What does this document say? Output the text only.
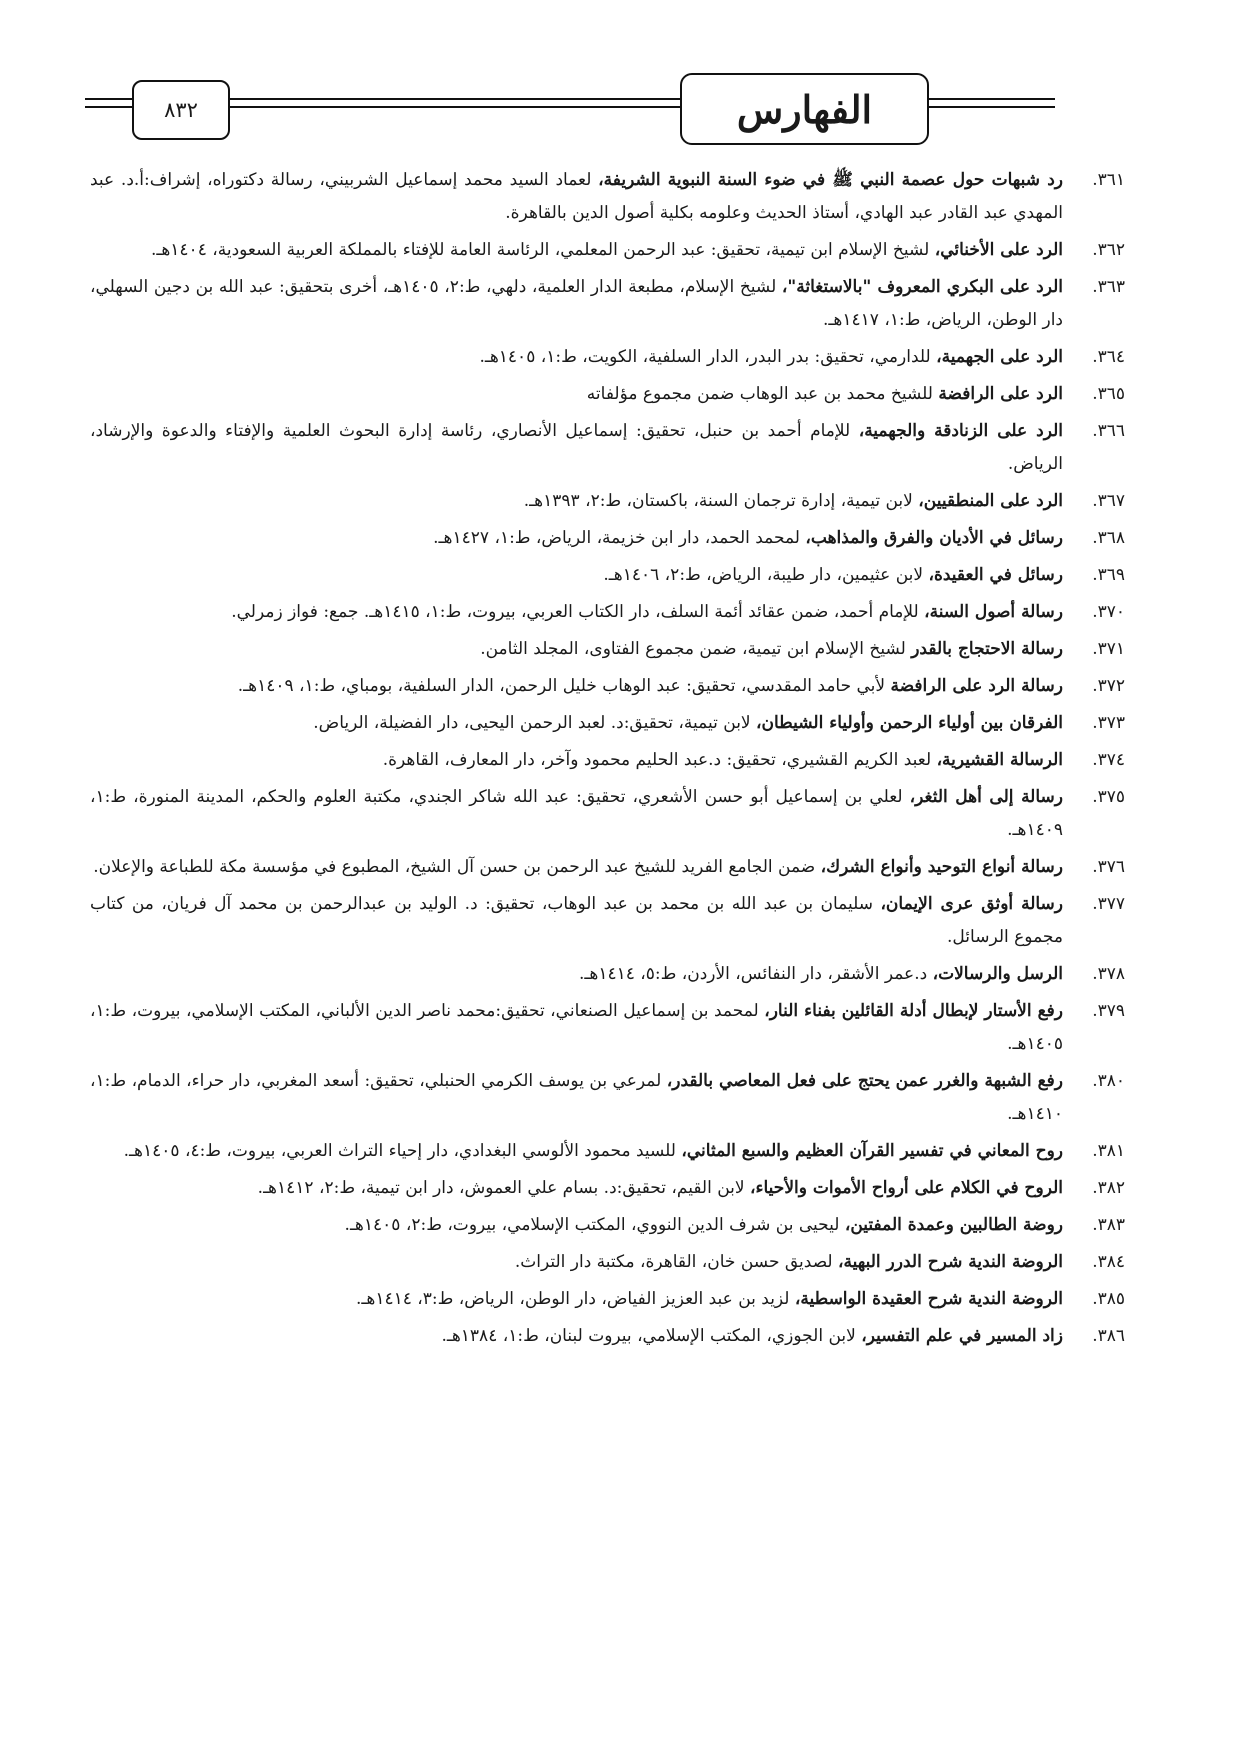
الفهارس
٨٣٢
٣٦١.
رد شبهات حول عصمة النبي ﷺ في ضوء السنة النبوية الشريفة، لعماد السيد محمد إسماعيل الشربيني، رسالة دكتوراه، إشراف:أ.د. عبد المهدي عبد القادر عبد الهادي، أستاذ الحديث وعلومه بكلية أصول الدين بالقاهرة.
٣٦٢.
الرد على الأخنائي، لشيخ الإسلام ابن تيمية، تحقيق: عبد الرحمن المعلمي، الرئاسة العامة للإفتاء بالمملكة العربية السعودية، ١٤٠٤هـ.
٣٦٣.
الرد على البكري المعروف "بالاستغاثة"، لشيخ الإسلام، مطبعة الدار العلمية، دلهي، ط:٢، ١٤٠٥هـ، أخرى بتحقيق: عبد الله بن دجين السهلي، دار الوطن، الرياض، ط:١، ١٤١٧هـ.
٣٦٤.
الرد على الجهمية، للدارمي، تحقيق: بدر البدر، الدار السلفية، الكويت، ط:١، ١٤٠٥هـ.
٣٦٥.
الرد على الرافضة للشيخ محمد بن عبد الوهاب ضمن مجموع مؤلفاته
٣٦٦.
الرد على الزنادقة والجهمية، للإمام أحمد بن حنبل، تحقيق: إسماعيل الأنصاري، رئاسة إدارة البحوث العلمية والإفتاء والدعوة والإرشاد، الرياض.
٣٦٧.
الرد على المنطقيين، لابن تيمية، إدارة ترجمان السنة، باكستان، ط:٢، ١٣٩٣هـ.
٣٦٨.
رسائل في الأديان والفرق والمذاهب، لمحمد الحمد، دار ابن خزيمة، الرياض، ط:١، ١٤٢٧هـ.
٣٦٩.
رسائل في العقيدة، لابن عثيمين، دار طيبة، الرياض، ط:٢، ١٤٠٦هـ.
٣٧٠.
رسالة أصول السنة، للإمام أحمد، ضمن عقائد أئمة السلف، دار الكتاب العربي، بيروت، ط:١، ١٤١٥هـ. جمع: فواز زمرلي.
٣٧١.
رسالة الاحتجاج بالقدر لشيخ الإسلام ابن تيمية، ضمن مجموع الفتاوى، المجلد الثامن.
٣٧٢.
رسالة الرد على الرافضة لأبي حامد المقدسي، تحقيق: عبد الوهاب خليل الرحمن، الدار السلفية، بومباي، ط:١، ١٤٠٩هـ.
٣٧٣.
الفرقان بين أولياء الرحمن وأولياء الشيطان، لابن تيمية، تحقيق:د. لعبد الرحمن اليحيى، دار الفضيلة، الرياض.
٣٧٤.
الرسالة القشيرية، لعبد الكريم القشيري، تحقيق: د.عبد الحليم محمود وآخر، دار المعارف، القاهرة.
٣٧٥.
رسالة إلى أهل الثغر، لعلي بن إسماعيل أبو حسن الأشعري، تحقيق: عبد الله شاكر الجندي، مكتبة العلوم والحكم، المدينة المنورة، ط:١، ١٤٠٩هـ.
٣٧٦.
رسالة أنواع التوحيد وأنواع الشرك، ضمن الجامع الفريد للشيخ عبد الرحمن بن حسن آل الشيخ، المطبوع في مؤسسة مكة للطباعة والإعلان.
٣٧٧.
رسالة أوثق عرى الإيمان، سليمان بن عبد الله بن محمد بن عبد الوهاب، تحقيق: د. الوليد بن عبدالرحمن بن محمد آل فريان، من كتاب مجموع الرسائل.
٣٧٨.
الرسل والرسالات، د.عمر الأشقر، دار النفائس، الأردن، ط:٥، ١٤١٤هـ.
٣٧٩.
رفع الأستار لإبطال أدلة القائلين بفناء النار، لمحمد بن إسماعيل الصنعاني، تحقيق:محمد ناصر الدين الألباني، المكتب الإسلامي، بيروت، ط:١، ١٤٠٥هـ.
٣٨٠.
رفع الشبهة والغرر عمن يحتج على فعل المعاصي بالقدر، لمرعي بن يوسف الكرمي الحنبلي، تحقيق: أسعد المغربي، دار حراء، الدمام، ط:١، ١٤١٠هـ.
٣٨١.
روح المعاني في تفسير القرآن العظيم والسبع المثاني، للسيد محمود الألوسي البغدادي، دار إحياء التراث العربي، بيروت، ط:٤، ١٤٠٥هـ.
٣٨٢.
الروح في الكلام على أرواح الأموات والأحياء، لابن القيم، تحقيق:د. بسام علي العموش، دار ابن تيمية، ط:٢، ١٤١٢هـ.
٣٨٣.
روضة الطالبين وعمدة المفتين، ليحيى بن شرف الدين النووي، المكتب الإسلامي، بيروت، ط:٢، ١٤٠٥هـ.
٣٨٤.
الروضة الندية شرح الدرر البهية، لصديق حسن خان، القاهرة، مكتبة دار التراث.
٣٨٥.
الروضة الندية شرح العقيدة الواسطية، لزيد بن عبد العزيز الفياض، دار الوطن، الرياض، ط:٣، ١٤١٤هـ.
٣٨٦.
زاد المسير في علم التفسير، لابن الجوزي، المكتب الإسلامي، بيروت لبنان، ط:١، ١٣٨٤هـ.
